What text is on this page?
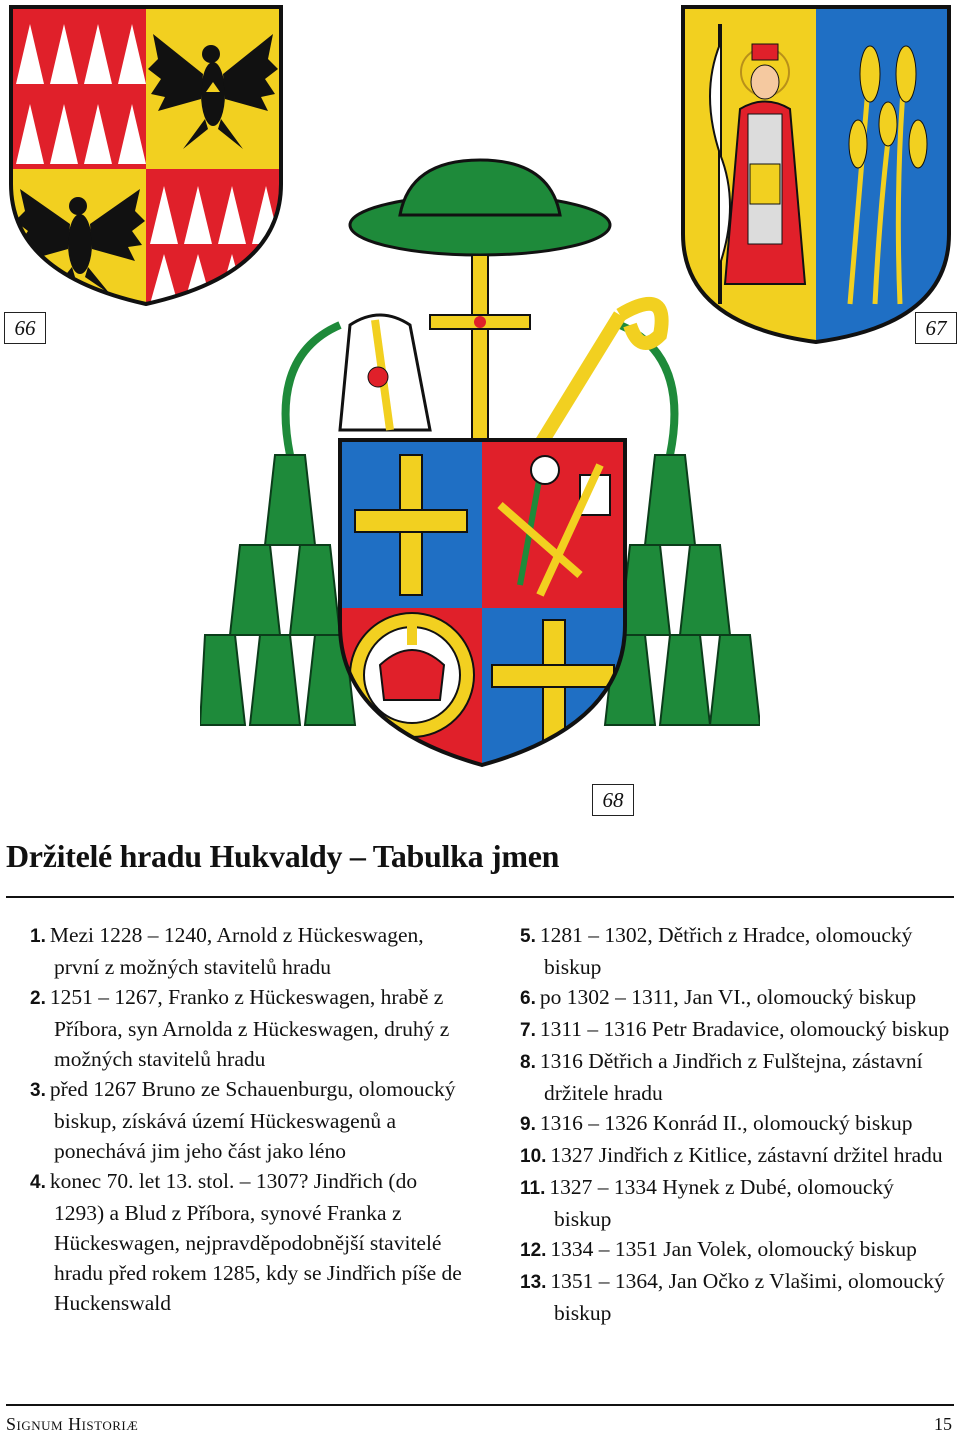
66	67
68
Držitelé hradu Hukvaldy – Tabulka jmen

1. Mezi 1228 – 1240, Arnold z Hückeswagen, první z možných stavitelů hradu

2. 1251 – 1267, Franko z Hückeswagen, hrabě z Příbora, syn Arnolda z Hückeswagen, druhý z možných stavitelů hradu

3. před 1267 Bruno ze Schauenburgu, olomoucký biskup, získává území Hückeswagenů a ponechává jim jeho část jako léno

4. konec 70. let 13. stol. – 1307? Jindřich (do 1293) a Blud z Příbora, synové Franka z Hückeswagen, nejpravděpodobnější stavitelé hradu před rokem 1285, kdy se Jindřich píše de Huckenswald

5. 1281 – 1302, Dětřich z Hradce, olomoucký biskup

6. po 1302 – 1311, Jan VI., olomoucký biskup

7. 1311 – 1316 Petr Bradavice, olomoucký biskup

8. 1316 Dětřich a Jindřich z Fulštejna, zástavní držitele hradu

9. 1316 – 1326 Konrád II., olomoucký biskup

10. 1327 Jindřich z Kitlice, zástavní držitel hradu

11. 1327 – 1334 Hynek z Dubé, olomoucký biskup

12. 1334 – 1351 Jan Volek, olomoucký biskup

13. 1351 – 1364, Jan Očko z Vlašimi, olomoucký biskup

Signum Historiæ	15
